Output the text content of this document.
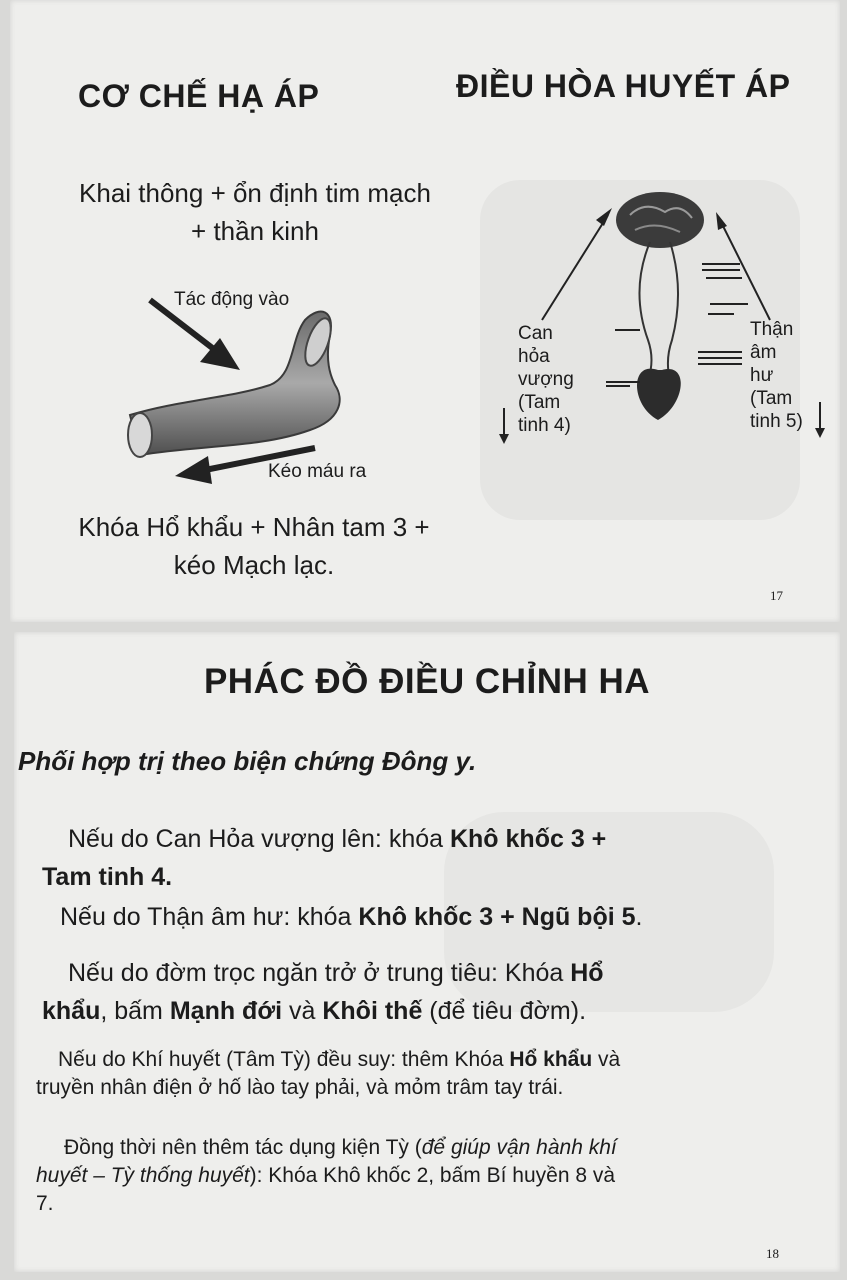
CƠ CHẾ HẠ ÁP	ĐIỀU HÒA HUYẾT ÁP
Khai thông + ổn định tim mạch
+ thần kinh
Tác động vào
Kéo máu ra
Khóa Hổ khẩu + Nhân tam 3 +
kéo Mạch lạc.
Can
hỏa
vượng
(Tam
tinh 4)
Thận
âm
hư
(Tam
tinh 5)
17
PHÁC ĐỒ ĐIỀU CHỈNH HA
Phối hợp trị theo biện chứng Đông y.

Nếu do Can Hỏa vượng lên: khóa Khô khốc 3 +
Tam tinh 4.

Nếu do Thận âm hư: khóa Khô khốc 3 + Ngũ bội 5.

Nếu do đờm trọc ngăn trở ở trung tiêu: Khóa Hổ
khẩu, bấm Mạnh đới và Khôi thế (để tiêu đờm).

Nếu do Khí huyết (Tâm Tỳ) đều suy: thêm Khóa Hổ khẩu và
truyền nhân điện ở hố lào tay phải, và mỏm trâm tay trái.

Đồng thời nên thêm tác dụng kiện Tỳ (để giúp vận hành khí
huyết – Tỳ thống huyết): Khóa Khô khốc 2, bấm Bí huyền 8 và
7.

18
